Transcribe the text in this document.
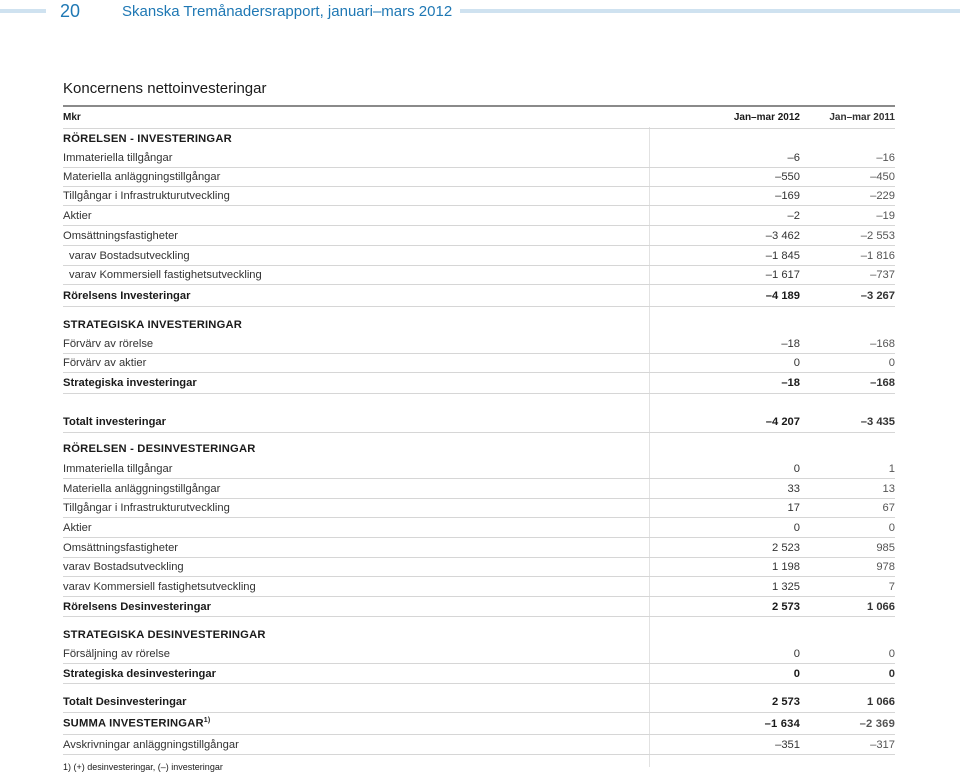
20	Skanska Tremånadersrapport, januari–mars 2012
Koncernens nettoinvesteringar
Mkr	Jan–mar 2012	Jan–mar 2011
RÖRELSEN - INVESTERINGAR
Immateriella tillgångar	–6	–16
Materiella anläggningstillgångar	–550	–450
Tillgångar i Infrastrukturutveckling	–169	–229
Aktier	–2	–19
Omsättningsfastigheter	–3 462	–2 553
varav Bostadsutveckling	–1 845	–1 816
varav Kommersiell fastighetsutveckling	–1 617	–737
Rörelsens Investeringar	–4 189	–3 267
STRATEGISKA INVESTERINGAR
Förvärv av rörelse	–18	–168
Förvärv av aktier	0	0
Strategiska investeringar	–18	–168
Totalt investeringar	–4 207	–3 435
RÖRELSEN - DESINVESTERINGAR
Immateriella tillgångar	0	1
Materiella anläggningstillgångar	33	13
Tillgångar i Infrastrukturutveckling	17	67
Aktier	0	0
Omsättningsfastigheter	2 523	985
varav Bostadsutveckling	1 198	978
varav Kommersiell fastighetsutveckling	1 325	7
Rörelsens Desinvesteringar	2 573	1 066
STRATEGISKA DESINVESTERINGAR
Försäljning av rörelse	0	0
Strategiska desinvesteringar	0	0
Totalt Desinvesteringar	2 573	1 066
SUMMA INVESTERINGAR$^{1)}$	–1 634	–2 369
Avskrivningar anläggningstillgångar	–351	–317
1) (+) desinvesteringar, (–) investeringar
